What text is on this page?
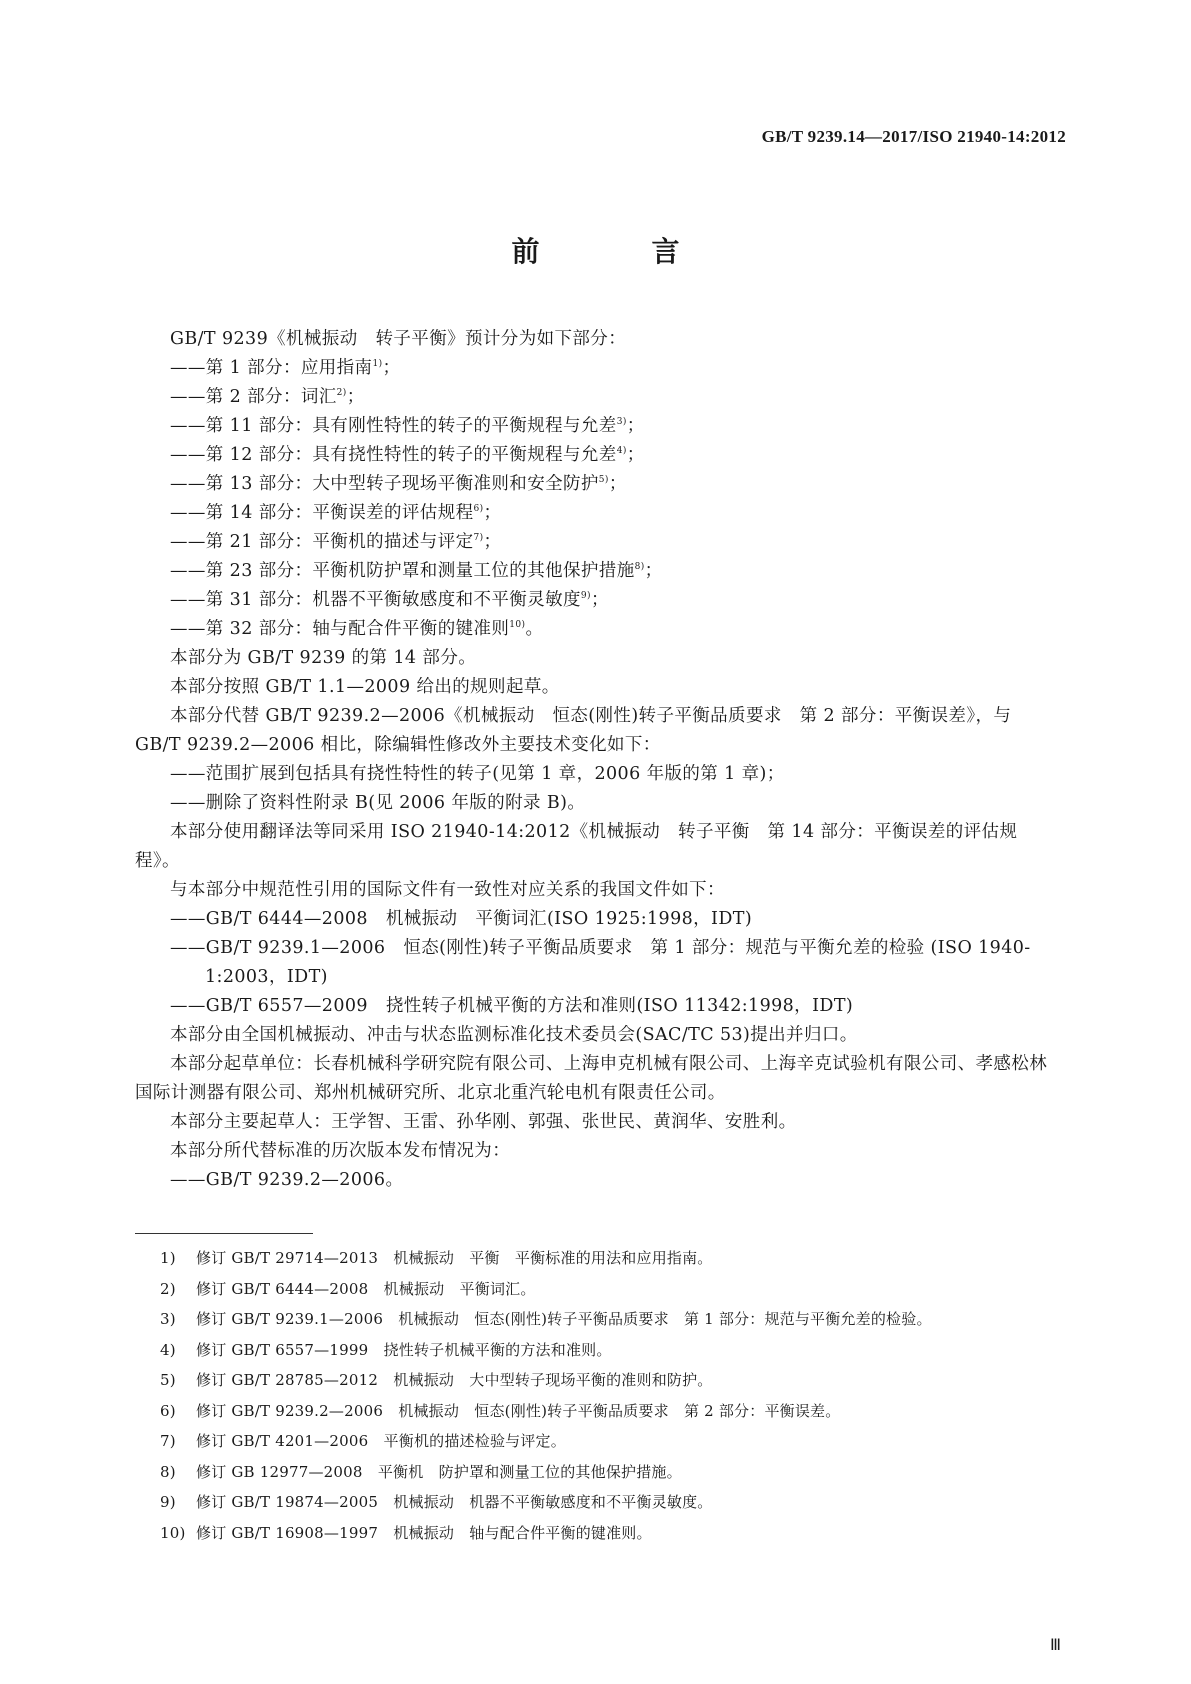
GB/T 9239.14—2017/ISO 21940-14:2012
前　言

GB/T 9239《机械振动　转子平衡》预计分为如下部分：

——第 1 部分：应用指南$^{1)}$；

——第 2 部分：词汇$^{2)}$；

——第 11 部分：具有刚性特性的转子的平衡规程与允差$^{3)}$；

——第 12 部分：具有挠性特性的转子的平衡规程与允差$^{4)}$；

——第 13 部分：大中型转子现场平衡准则和安全防护$^{5)}$；

——第 14 部分：平衡误差的评估规程$^{6)}$；

——第 21 部分：平衡机的描述与评定$^{7)}$；

——第 23 部分：平衡机防护罩和测量工位的其他保护措施$^{8)}$；

——第 31 部分：机器不平衡敏感度和不平衡灵敏度$^{9)}$；

——第 32 部分：轴与配合件平衡的键准则$^{10)}$。

本部分为 GB/T 9239 的第 14 部分。

本部分按照 GB/T 1.1—2009 给出的规则起草。

本部分代替 GB/T 9239.2—2006《机械振动　恒态(刚性)转子平衡品质要求　第 2 部分：平衡误差》，与 GB/T 9239.2—2006 相比，除编辑性修改外主要技术变化如下：

——范围扩展到包括具有挠性特性的转子(见第 1 章，2006 年版的第 1 章)；

——删除了资料性附录 B(见 2006 年版的附录 B)。

本部分使用翻译法等同采用 ISO 21940-14:2012《机械振动　转子平衡　第 14 部分：平衡误差的评估规程》。

与本部分中规范性引用的国际文件有一致性对应关系的我国文件如下：

——GB/T 6444—2008　机械振动　平衡词汇(ISO 1925:1998，IDT)

——GB/T 9239.1—2006　恒态(刚性)转子平衡品质要求　第 1 部分：规范与平衡允差的检验 (ISO 1940-1:2003，IDT)

——GB/T 6557—2009　挠性转子机械平衡的方法和准则(ISO 11342:1998，IDT)

本部分由全国机械振动、冲击与状态监测标准化技术委员会(SAC/TC 53)提出并归口。

本部分起草单位：长春机械科学研究院有限公司、上海申克机械有限公司、上海辛克试验机有限公司、孝感松林国际计测器有限公司、郑州机械研究所、北京北重汽轮电机有限责任公司。

本部分主要起草人：王学智、王雷、孙华刚、郭强、张世民、黄润华、安胜利。

本部分所代替标准的历次版本发布情况为：

——GB/T 9239.2—2006。

1) 修订 GB/T 29714—2013　机械振动　平衡　平衡标准的用法和应用指南。

2) 修订 GB/T 6444—2008　机械振动　平衡词汇。

3) 修订 GB/T 9239.1—2006　机械振动　恒态(刚性)转子平衡品质要求　第 1 部分：规范与平衡允差的检验。

4) 修订 GB/T 6557—1999　挠性转子机械平衡的方法和准则。

5) 修订 GB/T 28785—2012　机械振动　大中型转子现场平衡的准则和防护。

6) 修订 GB/T 9239.2—2006　机械振动　恒态(刚性)转子平衡品质要求　第 2 部分：平衡误差。

7) 修订 GB/T 4201—2006　平衡机的描述检验与评定。

8) 修订 GB 12977—2008　平衡机　防护罩和测量工位的其他保护措施。

9) 修订 GB/T 19874—2005　机械振动　机器不平衡敏感度和不平衡灵敏度。

10) 修订 GB/T 16908—1997　机械振动　轴与配合件平衡的键准则。

Ⅲ
